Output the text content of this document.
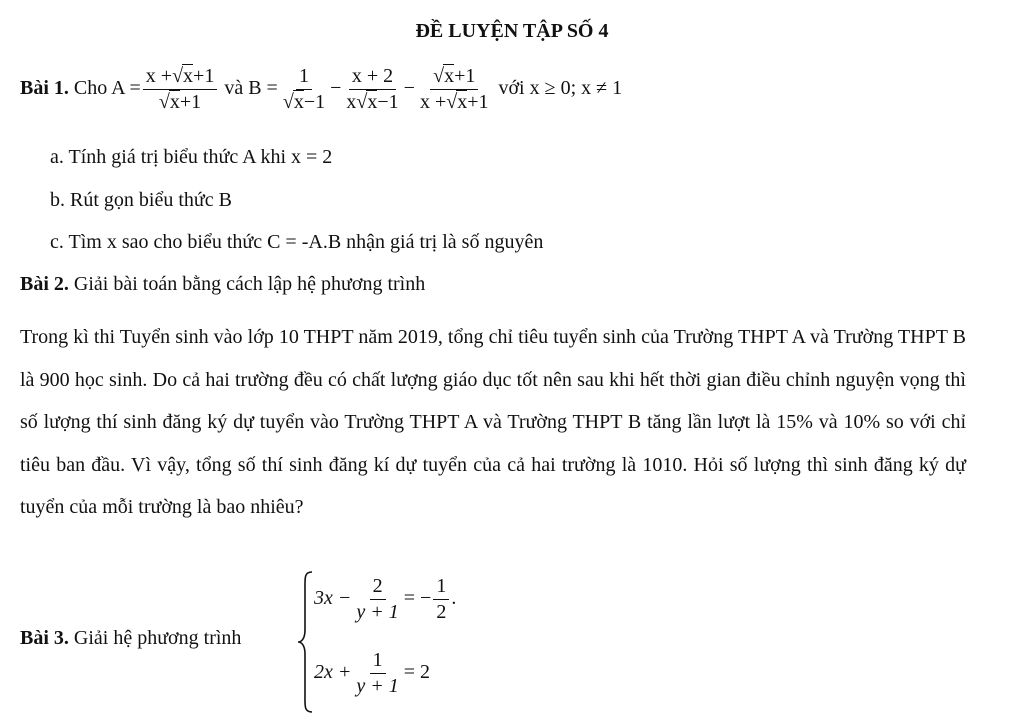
ĐỀ LUYỆN TẬP SỐ 4
Bài 1. Cho $A = \frac{x +√x+1}{√x+1}$ và $B = \frac{1}{√x-1} - \frac{x + 2}{x√x-1} - \frac{√x+1}{x +√x+1}$ với x ≥ 0; x ≠ 1
a. Tính giá trị biểu thức A khi x = 2
b. Rút gọn biểu thức B
c. Tìm x sao cho biểu thức C = -A.B nhận giá trị là số nguyên
Bài 2. Giải bài toán bằng cách lập hệ phương trình
Trong kì thi Tuyển sinh vào lớp 10 THPT năm 2019, tổng chỉ tiêu tuyển sinh của Trường THPT A và Trường THPT B là 900 học sinh. Do cả hai trường đều có chất lượng giáo dục tốt nên sau khi hết thời gian điều chỉnh nguyện vọng thì số lượng thí sinh đăng ký dự tuyển vào Trường THPT A và Trường THPT B tăng lần lượt là 15% và 10% so với chỉ tiêu ban đầu. Vì vậy, tổng số thí sinh đăng kí dự tuyển của cả hai trường là 1010. Hỏi số lượng thì sinh đăng ký dự tuyển của mỗi trường là bao nhiêu?
Bài 3. Giải hệ phương trình
$3x - \frac{2}{y + 1}$ = − $\frac{1}{2}$ .
$2x + \frac{1}{y + 1} = 2$
